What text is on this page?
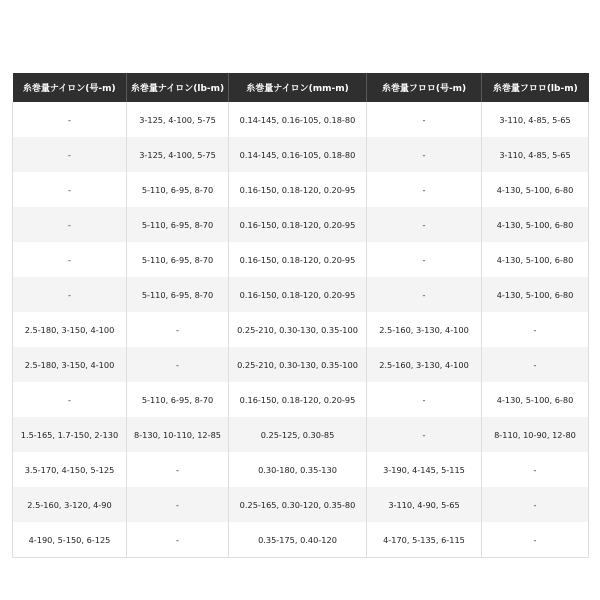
糸巻量ナイロン(号-m)	糸巻量ナイロン(lb-m)	糸巻量ナイロン(mm-m)	糸巻量フロロ(号-m)	糸巻量フロロ(lb-m)
-	3-125, 4-100, 5-75	0.14-145, 0.16-105, 0.18-80	-	3-110, 4-85, 5-65
-	3-125, 4-100, 5-75	0.14-145, 0.16-105, 0.18-80	-	3-110, 4-85, 5-65
-	5-110, 6-95, 8-70	0.16-150, 0.18-120, 0.20-95	-	4-130, 5-100, 6-80
-	5-110, 6-95, 8-70	0.16-150, 0.18-120, 0.20-95	-	4-130, 5-100, 6-80
-	5-110, 6-95, 8-70	0.16-150, 0.18-120, 0.20-95	-	4-130, 5-100, 6-80
-	5-110, 6-95, 8-70	0.16-150, 0.18-120, 0.20-95	-	4-130, 5-100, 6-80
2.5-180, 3-150, 4-100	-	0.25-210, 0.30-130, 0.35-100	2.5-160, 3-130, 4-100	-
2.5-180, 3-150, 4-100	-	0.25-210, 0.30-130, 0.35-100	2.5-160, 3-130, 4-100	-
-	5-110, 6-95, 8-70	0.16-150, 0.18-120, 0.20-95	-	4-130, 5-100, 6-80
1.5-165, 1.7-150, 2-130	8-130, 10-110, 12-85	0.25-125, 0.30-85	-	8-110, 10-90, 12-80
3.5-170, 4-150, 5-125	-	0.30-180, 0.35-130	3-190, 4-145, 5-115	-
2.5-160, 3-120, 4-90	-	0.25-165, 0.30-120, 0.35-80	3-110, 4-90, 5-65	-
4-190, 5-150, 6-125	-	0.35-175, 0.40-120	4-170, 5-135, 6-115	-
